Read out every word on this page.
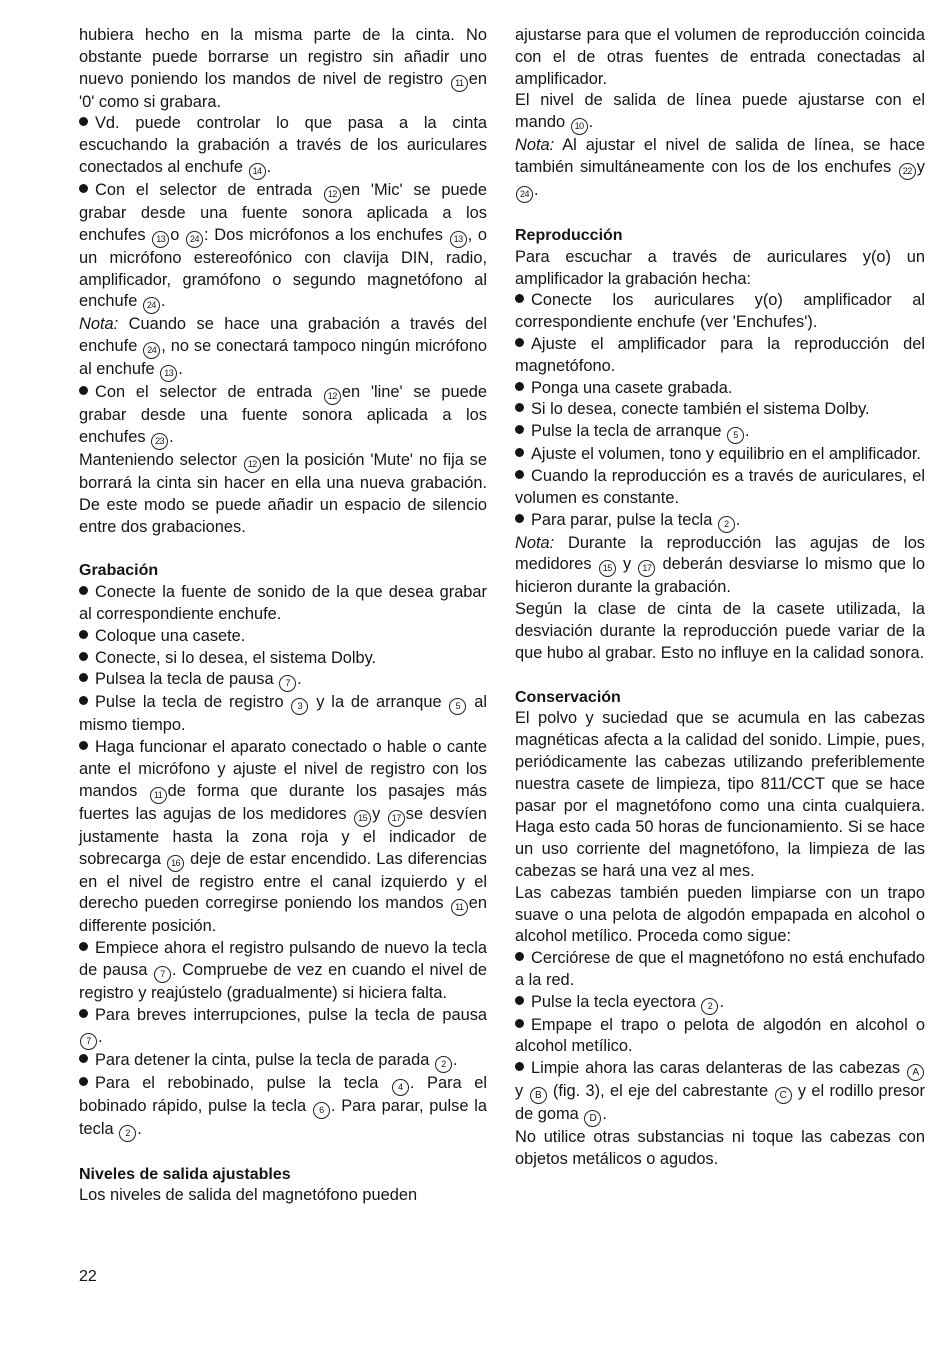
hubiera hecho en la misma parte de la cinta. No obstante puede borrarse un registro sin añadir uno nuevo poniendo los mandos de nivel de registro 11 en '0' como si grabara.

Vd. puede controlar lo que pasa a la cinta escuchando la grabación a través de los auriculares conectados al enchufe 14 .

Con el selector de entrada 12 en 'Mic' se puede grabar desde una fuente sonora aplicada a los enchufes 13 o 24 : Dos micrófonos a los enchufes 13 , o un micrófono estereofónico con clavija DIN, radio, amplificador, gramófono o segundo magnetófono al enchufe 24 .

Nota: Cuando se hace una grabación a través del enchufe 24 , no se conectará tampoco ningún micrófono al enchufe 13 .

Con el selector de entrada 12 en 'line' se puede grabar desde una fuente sonora aplicada a los enchufes 23 .

Manteniendo selector 12 en la posición 'Mute' no fija se borrará la cinta sin hacer en ella una nueva grabación. De este modo se puede añadir un espacio de silencio entre dos grabaciones.

Grabación

Conecte la fuente de sonido de la que desea grabar al correspondiente enchufe.

Coloque una casete.

Conecte, si lo desea, el sistema Dolby.

Pulsea la tecla de pausa 7 .

Pulse la tecla de registro 3 y la de arranque 5 al mismo tiempo.

Haga funcionar el aparato conectado o hable o cante ante el micrófono y ajuste el nivel de registro con los mandos 11 de forma que durante los pasajes más fuertes las agujas de los medidores 15 y 17 se desvíen justamente hasta la zona roja y el indicador de sobrecarga 16 deje de estar encendido. Las diferencias en el nivel de registro entre el canal izquierdo y el derecho pueden corregirse poniendo los mandos 11 en differente posición.

Empiece ahora el registro pulsando de nuevo la tecla de pausa 7 . Compruebe de vez en cuando el nivel de registro y reajústelo (gradualmente) si hiciera falta.

Para breves interrupciones, pulse la tecla de pausa 7 .

Para detener la cinta, pulse la tecla de parada 2 .

Para el rebobinado, pulse la tecla 4 . Para el bobinado rápido, pulse la tecla 6 . Para parar, pulse la tecla 2 .

Niveles de salida ajustables

Los niveles de salida del magnetófono pueden

ajustarse para que el volumen de reproducción coincida con el de otras fuentes de entrada conectadas al amplificador.

El nivel de salida de línea puede ajustarse con el mando 10 .

Nota: Al ajustar el nivel de salida de línea, se hace también simultáneamente con los de los enchufes 22 y 24 .

Reproducción

Para escuchar a través de auriculares y(o) un amplificador la grabación hecha:

Conecte los auriculares y(o) amplificador al correspondiente enchufe (ver 'Enchufes').

Ajuste el amplificador para la reproducción del magnetófono.

Ponga una casete grabada.

Si lo desea, conecte también el sistema Dolby.

Pulse la tecla de arranque 5 .

Ajuste el volumen, tono y equilibrio en el amplificador.

Cuando la reproducción es a través de auriculares, el volumen es constante.

Para parar, pulse la tecla 2 .

Nota: Durante la reproducción las agujas de los medidores 15 y 17 deberán desviarse lo mismo que lo hicieron durante la grabación.

Según la clase de cinta de la casete utilizada, la desviación durante la reproducción puede variar de la que hubo al grabar. Esto no influye en la calidad sonora.

Conservación

El polvo y suciedad que se acumula en las cabezas magnéticas afecta a la calidad del sonido. Limpie, pues, periódicamente las cabezas utilizando preferiblemente nuestra casete de limpieza, tipo 811/CCT que se hace pasar por el magnetófono como una cinta cualquiera. Haga esto cada 50 horas de funcionamiento. Si se hace un uso corriente del magnetófono, la limpieza de las cabezas se hará una vez al mes.

Las cabezas también pueden limpiarse con un trapo suave o una pelota de algodón empapada en alcohol o alcohol metílico. Proceda como sigue:

Cerciórese de que el magnetófono no está enchufado a la red.

Pulse la tecla eyectora 2 .

Empape el trapo o pelota de algodón en alcohol o alcohol metílico.

Limpie ahora las caras delanteras de las cabezas A y B (fig. 3), el eje del cabrestante C y el rodillo presor de goma D .

No utilice otras substancias ni toque las cabezas con objetos metálicos o agudos.

22
